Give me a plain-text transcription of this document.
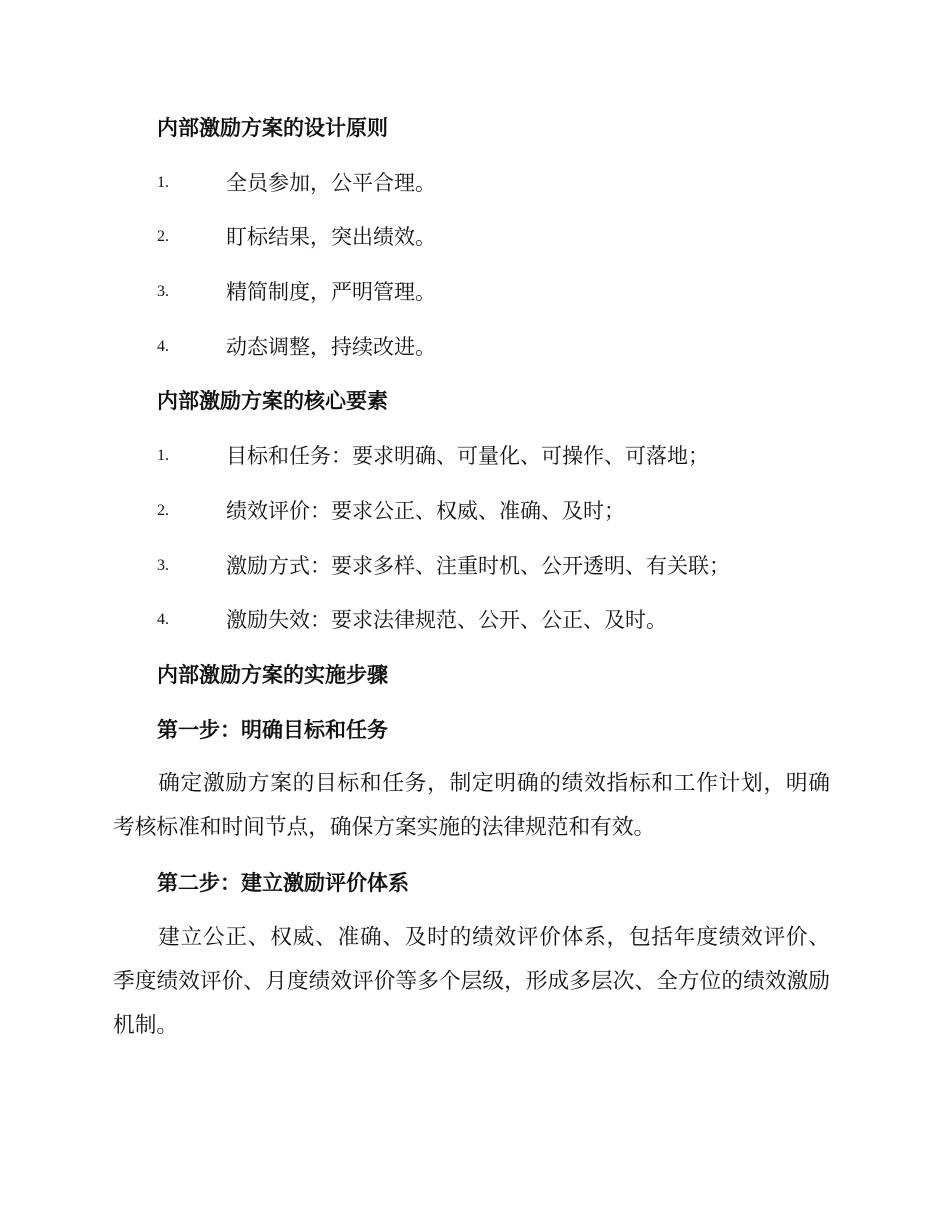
内部激励方案的设计原则
1.	全员参加，公平合理。
2.	盯标结果，突出绩效。
3.	精简制度，严明管理。
4.	动态调整，持续改进。
内部激励方案的核心要素
1.	目标和任务：要求明确、可量化、可操作、可落地；
2.	绩效评价：要求公正、权威、准确、及时；
3.	激励方式：要求多样、注重时机、公开透明、有关联；
4.	激励失效：要求法律规范、公开、公正、及时。
内部激励方案的实施步骤
第一步：明确目标和任务
确定激励方案的目标和任务，制定明确的绩效指标和工作计划，明确考核标准和时间节点，确保方案实施的法律规范和有效。
第二步：建立激励评价体系
建立公正、权威、准确、及时的绩效评价体系，包括年度绩效评价、季度绩效评价、月度绩效评价等多个层级，形成多层次、全方位的绩效激励机制。
